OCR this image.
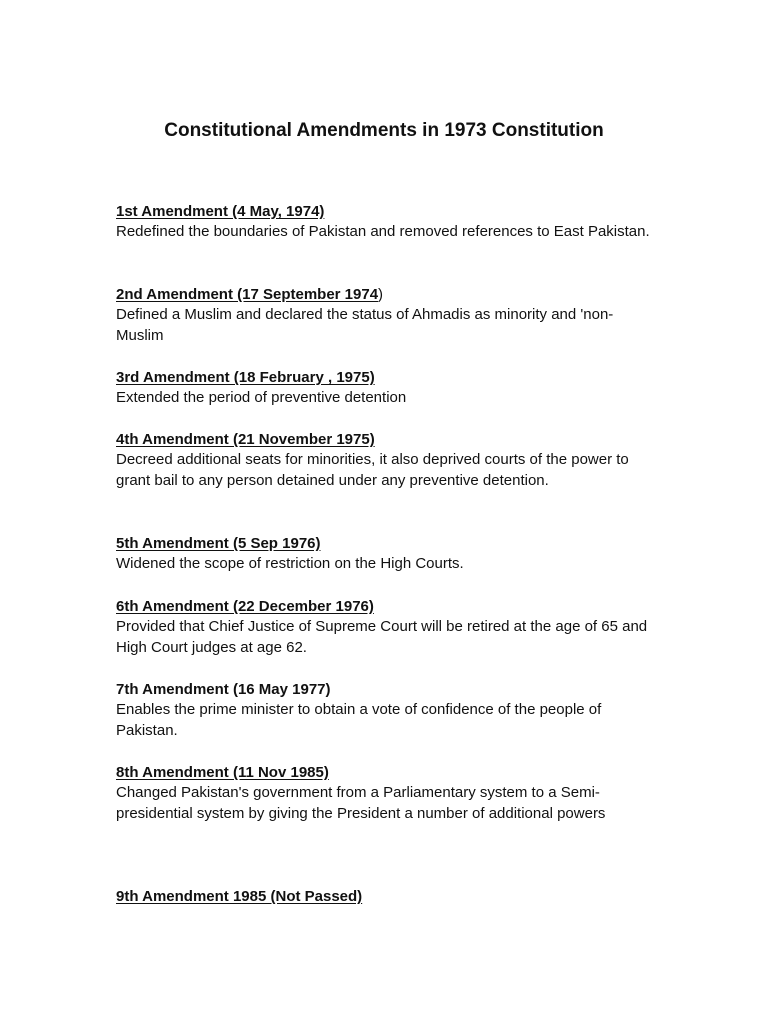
Constitutional Amendments in 1973 Constitution
1st Amendment (4 May, 1974)

Redefined the boundaries of Pakistan and removed references to East Pakistan.

2nd Amendment (17 September 1974)

Defined a Muslim and declared the status of Ahmadis as minority and 'non-Muslim

3rd Amendment (18 February , 1975)

Extended the period of preventive detention

4th Amendment (21 November 1975)

Decreed additional seats for minorities, it also deprived courts of the power to grant bail to any person detained under any preventive detention.

5th Amendment (5 Sep 1976)

Widened the scope of restriction on the High Courts.

6th Amendment (22 December 1976)

Provided that Chief Justice of Supreme Court will be retired at the age of 65 and High Court judges at age 62.

7th Amendment (16 May 1977)

Enables the prime minister to obtain a vote of confidence of the people of Pakistan.

8th Amendment (11 Nov 1985)

Changed Pakistan's government from a Parliamentary system to a Semi-presidential system by giving the President a number of additional powers

9th Amendment 1985 (Not Passed)
